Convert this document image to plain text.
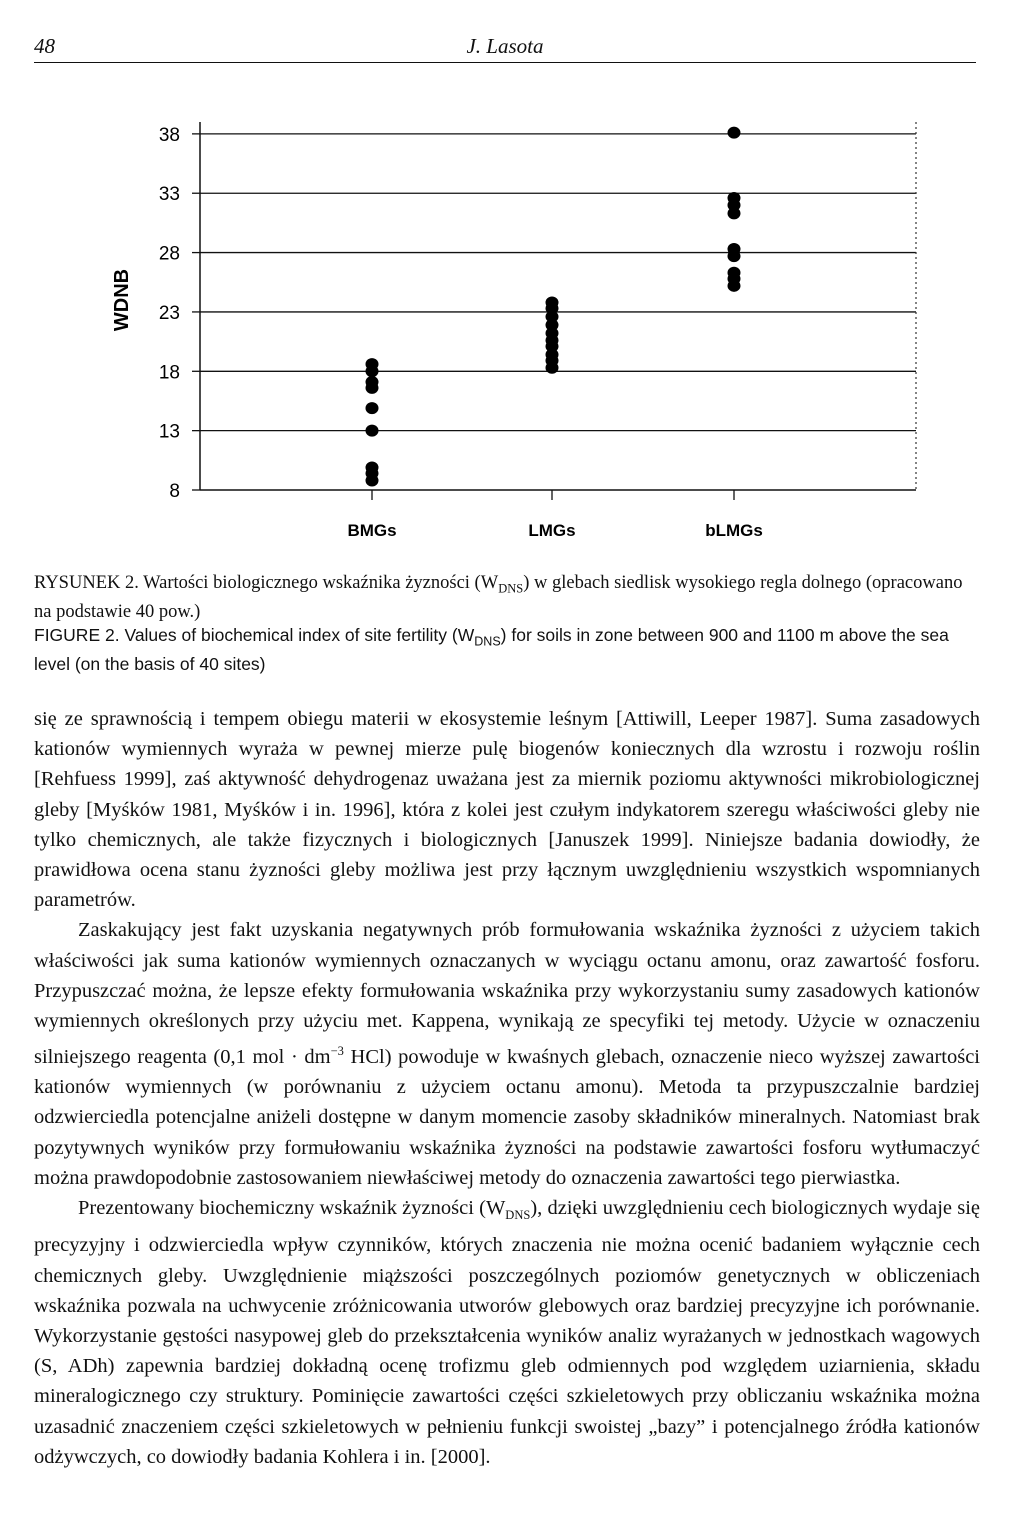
48	J. Lasota
8
13
18
23
28
33
38
BMGs	LMGs	bLMGs
WDNB

RYSUNEK 2. Wartości biologicznego wskaźnika żyzności $(W_{DNS})$ w glebach siedlisk wysokiego regla dolnego (opracowano na podstawie 40 pow.)

FIGURE 2. Values of biochemical index of site fertility $(W_{DNS})$ for soils in zone between 900 and 1100 m above the sea level (on the basis of 40 sites)

się ze sprawnością i tempem obiegu materii w ekosystemie leśnym [Attiwill, Leeper 1987]. Suma zasadowych kationów wymiennych wyraża w pewnej mierze pulę biogenów koniecznych dla wzrostu i rozwoju roślin [Rehfuess 1999], zaś aktywność dehydrogenaz uważana jest za miernik poziomu aktywności mikrobiologicznej gleby [Myśków 1981, Myśków i in. 1996], która z kolei jest czułym indykatorem szeregu właściwości gleby nie tylko chemicznych, ale także fizycznych i biologicznych [Januszek 1999]. Niniejsze badania dowiodły, że prawidłowa ocena stanu żyzności gleby możliwa jest przy łącznym uwzględnieniu wszystkich wspomnianych parametrów.

Zaskakujący jest fakt uzyskania negatywnych prób formułowania wskaźnika żyzności z użyciem takich właściwości jak suma kationów wymiennych oznaczanych w wyciągu octanu amonu, oraz zawartość fosforu. Przypuszczać można, że lepsze efekty formułowania wskaźnika przy wykorzystaniu sumy zasadowych kationów wymiennych określonych przy użyciu met. Kappena, wynikają ze specyfiki tej metody. Użycie w oznaczeniu silniejszego reagenta (0,1 mol · $dm^{-3}$ HCl) powoduje w kwaśnych glebach, oznaczenie nieco wyższej zawartości kationów wymiennych (w porównaniu z użyciem octanu amonu). Metoda ta przypuszczalnie bardziej odzwierciedla potencjalne aniżeli dostępne w danym momencie zasoby składników mineralnych. Natomiast brak pozytywnych wyników przy formułowaniu wskaźnika żyzności na podstawie zawartości fosforu wytłumaczyć można prawdopodobnie zastosowaniem niewłaściwej metody do oznaczenia zawartości tego pierwiastka.

Prezentowany biochemiczny wskaźnik żyzności $(W_{DNS})$, dzięki uwzględnieniu cech biologicznych wydaje się precyzyjny i odzwierciedla wpływ czynników, których znaczenia nie można ocenić badaniem wyłącznie cech chemicznych gleby. Uwzględnienie miąższości poszczególnych poziomów genetycznych w obliczeniach wskaźnika pozwala na uchwycenie zróżnicowania utworów glebowych oraz bardziej precyzyjne ich porównanie. Wykorzystanie gęstości nasypowej gleb do przekształcenia wyników analiz wyrażanych w jednostkach wagowych (S, ADh) zapewnia bardziej dokładną ocenę trofizmu gleb odmiennych pod względem uziarnienia, składu mineralogicznego czy struktury. Pominięcie zawartości części szkieletowych przy obliczaniu wskaźnika można uzasadnić znaczeniem części szkieletowych w pełnieniu funkcji swoistej „bazy” i potencjalnego źródła kationów odżywczych, co dowiodły badania Kohlera i in. [2000].
